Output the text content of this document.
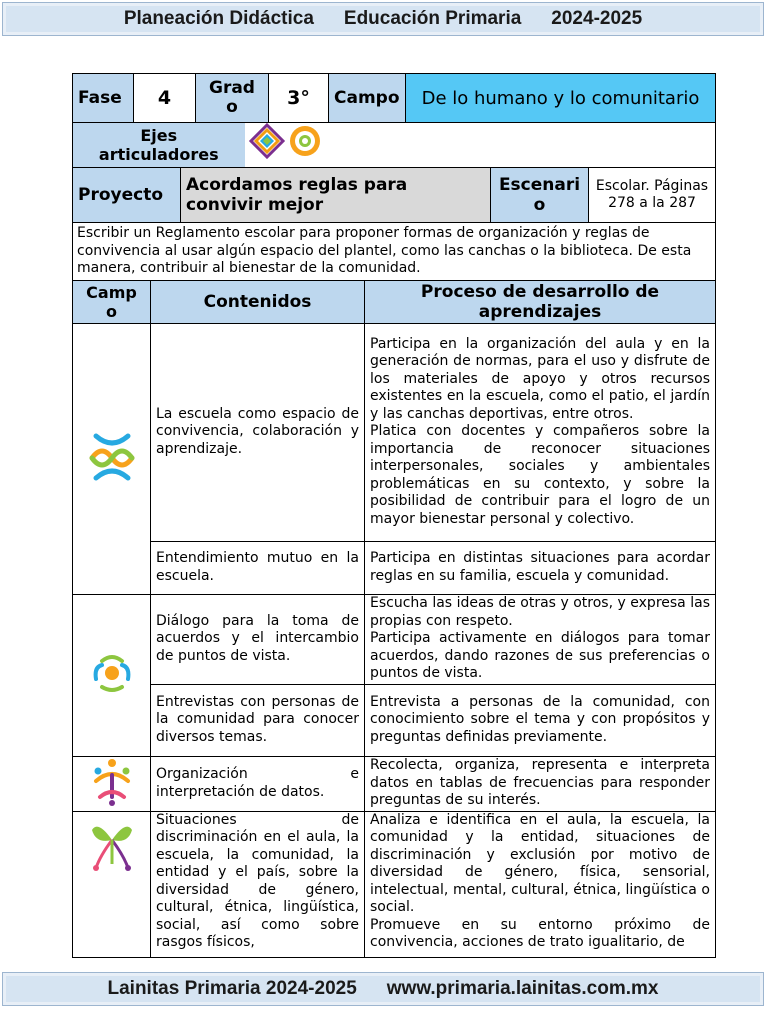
Planeación Didáctica Educación Primaria 2024-2025
Fase	4	Grad o	3°	Campo	De lo humano y lo comunitario
Ejes articuladores	
Proyecto	Acordamos reglas para convivir mejor	Escenari o	Escolar. Páginas 278 a la 287
Escribir un Reglamento escolar para proponer formas de organización y reglas de convivencia al usar algún espacio del plantel, como las canchas o la biblioteca. De esta manera, contribuir al bienestar de la comunidad.
Camp o	Contenidos	Proceso de desarrollo de aprendizajes
	La escuela como espacio de convivencia, colaboración y aprendizaje.	Participa en la organización del aula y en la generación de normas, para el uso y disfrute de los materiales de apoyo y otros recursos existentes en la escuela, como el patio, el jardín y las canchas deportivas, entre otros.
Platica con docentes y compañeros sobre la importancia de reconocer situaciones interpersonales, sociales y ambientales problemáticas en su contexto, y sobre la posibilidad de contribuir para el logro de un mayor bienestar personal y colectivo.
	Entendimiento mutuo en la escuela.	Participa en distintas situaciones para acordar reglas en su familia, escuela y comunidad.
	Diálogo para la toma de acuerdos y el intercambio de puntos de vista.	Escucha las ideas de otras y otros, y expresa las propias con respeto.
Participa activamente en diálogos para tomar acuerdos, dando razones de sus preferencias o puntos de vista.
	Entrevistas con personas de la comunidad para conocer diversos temas.	Entrevista a personas de la comunidad, con conocimiento sobre el tema y con propósitos y preguntas definidas previamente.
	Organización e interpretación de datos.	Recolecta, organiza, representa e interpreta datos en tablas de frecuencias para responder preguntas de su interés.
	Situaciones de discriminación en el aula, la escuela, la comunidad, la entidad y el país, sobre la diversidad de género, cultural, étnica, lingüística, social, así como sobre rasgos físicos,	Analiza e identifica en el aula, la escuela, la comunidad y la entidad, situaciones de discriminación y exclusión por motivo de diversidad de género, física, sensorial, intelectual, mental, cultural, étnica, lingüística o social.
Promueve en su entorno próximo de convivencia, acciones de trato igualitario, de
Lainitas Primaria 2024-2025 www.primaria.lainitas.com.mx
